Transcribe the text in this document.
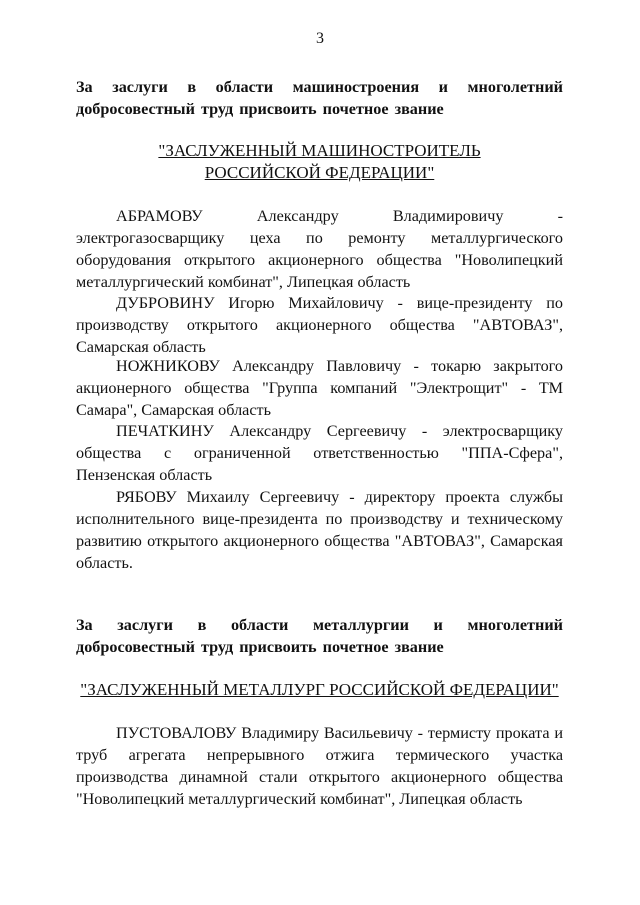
3
За заслуги в области машиностроения и многолетний добросовестный труд присвоить почетное звание
"ЗАСЛУЖЕННЫЙ МАШИНОСТРОИТЕЛЬ
РОССИЙСКОЙ ФЕДЕРАЦИИ"
АБРАМОВУ Александру Владимировичу - электрогазосварщику цеха по ремонту металлургического оборудования открытого акционерного общества "Новолипецкий металлургический комбинат", Липецкая область
ДУБРОВИНУ Игорю Михайловичу - вице-президенту по производству открытого акционерного общества "АВТОВАЗ", Самарская область
НОЖНИКОВУ Александру Павловичу - токарю закрытого акционерного общества "Группа компаний "Электрощит" - ТМ Самара", Самарская область
ПЕЧАТКИНУ Александру Сергеевичу - электросварщику общества с ограниченной ответственностью "ППА-Сфера", Пензенская область
РЯБОВУ Михаилу Сергеевичу - директору проекта службы исполнительного вице-президента по производству и техническому развитию открытого акционерного общества "АВТОВАЗ", Самарская область.
За заслуги в области металлургии и многолетний добросовестный труд присвоить почетное звание
"ЗАСЛУЖЕННЫЙ МЕТАЛЛУРГ РОССИЙСКОЙ ФЕДЕРАЦИИ"
ПУСТОВАЛОВУ Владимиру Васильевичу - термисту проката и труб агрегата непрерывного отжига термического участка производства динамной стали открытого акционерного общества "Новолипецкий металлургический комбинат", Липецкая область
